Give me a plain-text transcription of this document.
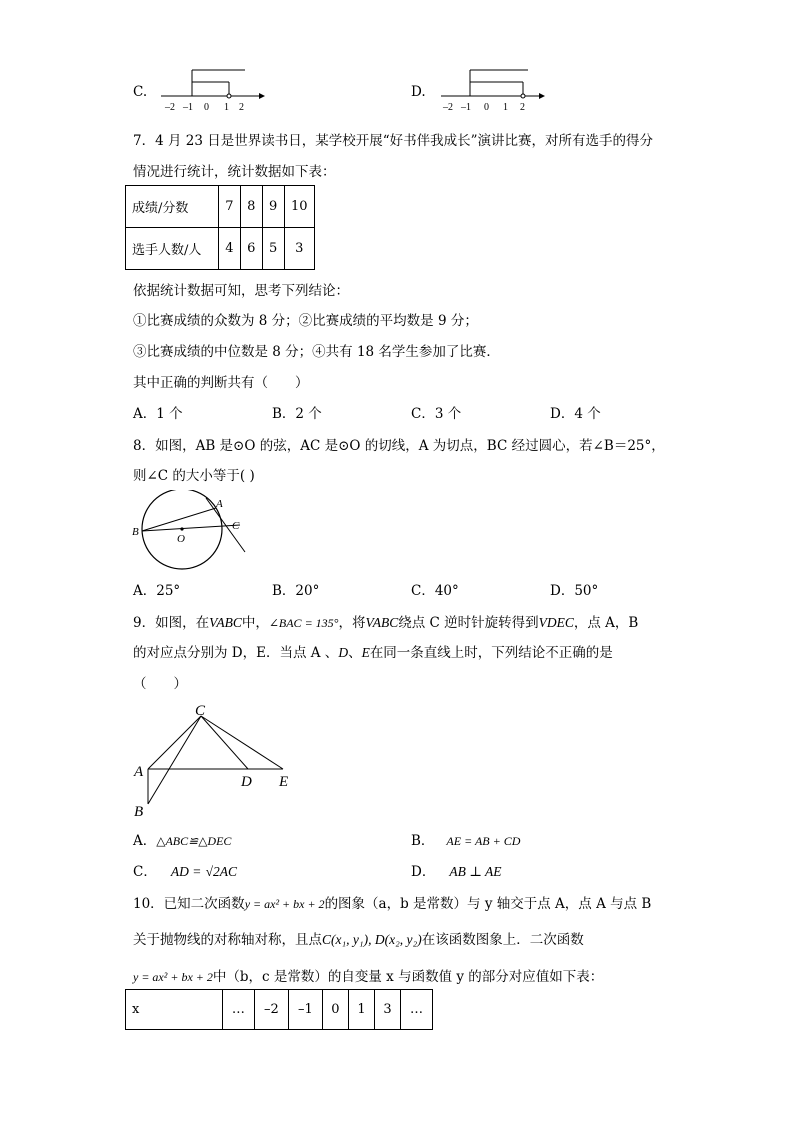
C.
–2 –1 0 1 2
D.
–2 –1 0 1 2
7．4 月 23 日是世界读书日，某学校开展“好书伴我成长”演讲比赛，对所有选手的得分
情况进行统计，统计数据如下表：
成绩/分数	7	8	9	10
选手人数/人	4	6	5	3
依据统计数据可知，思考下列结论：
①比赛成绩的众数为 8 分；②比赛成绩的平均数是 9 分；
③比赛成绩的中位数是 8 分；④共有 18 名学生参加了比赛．
其中正确的判断共有（　　）
A．1 个	B．2 个	C．3 个	D．4 个
8．如图，AB 是⊙O 的弦，AC 是⊙O 的切线，A 为切点，BC 经过圆心，若∠B＝25°，
则∠C 的大小等于( )
A
B	C
O
A．25°	B．20°	C．40°	D．50°
9．如图，在VABC中，∠BAC = 135°，将VABC绕点 C 逆时针旋转得到VDEC，点 A，B
的对应点分别为 D，E．当点 A 、D、E在同一条直线上时，下列结论不正确的是
（　　）
C
A
D E
B
A．△ABC≌△DEC	B． AE = AB + CD
C． AD = √2AC	D． AB ⊥ AE
10．已知二次函数y = ax² + bx + 2的图象（a，b 是常数）与 y 轴交于点 A，点 A 与点 B
关于抛物线的对称轴对称，且点C(x₁, y₁), D(x₂, y₂)在该函数图象上．二次函数
y = ax² + bx + 2中（b，c 是常数）的自变量 x 与函数值 y 的部分对应值如下表：
x	…	–2	–1	0	1	3	…
